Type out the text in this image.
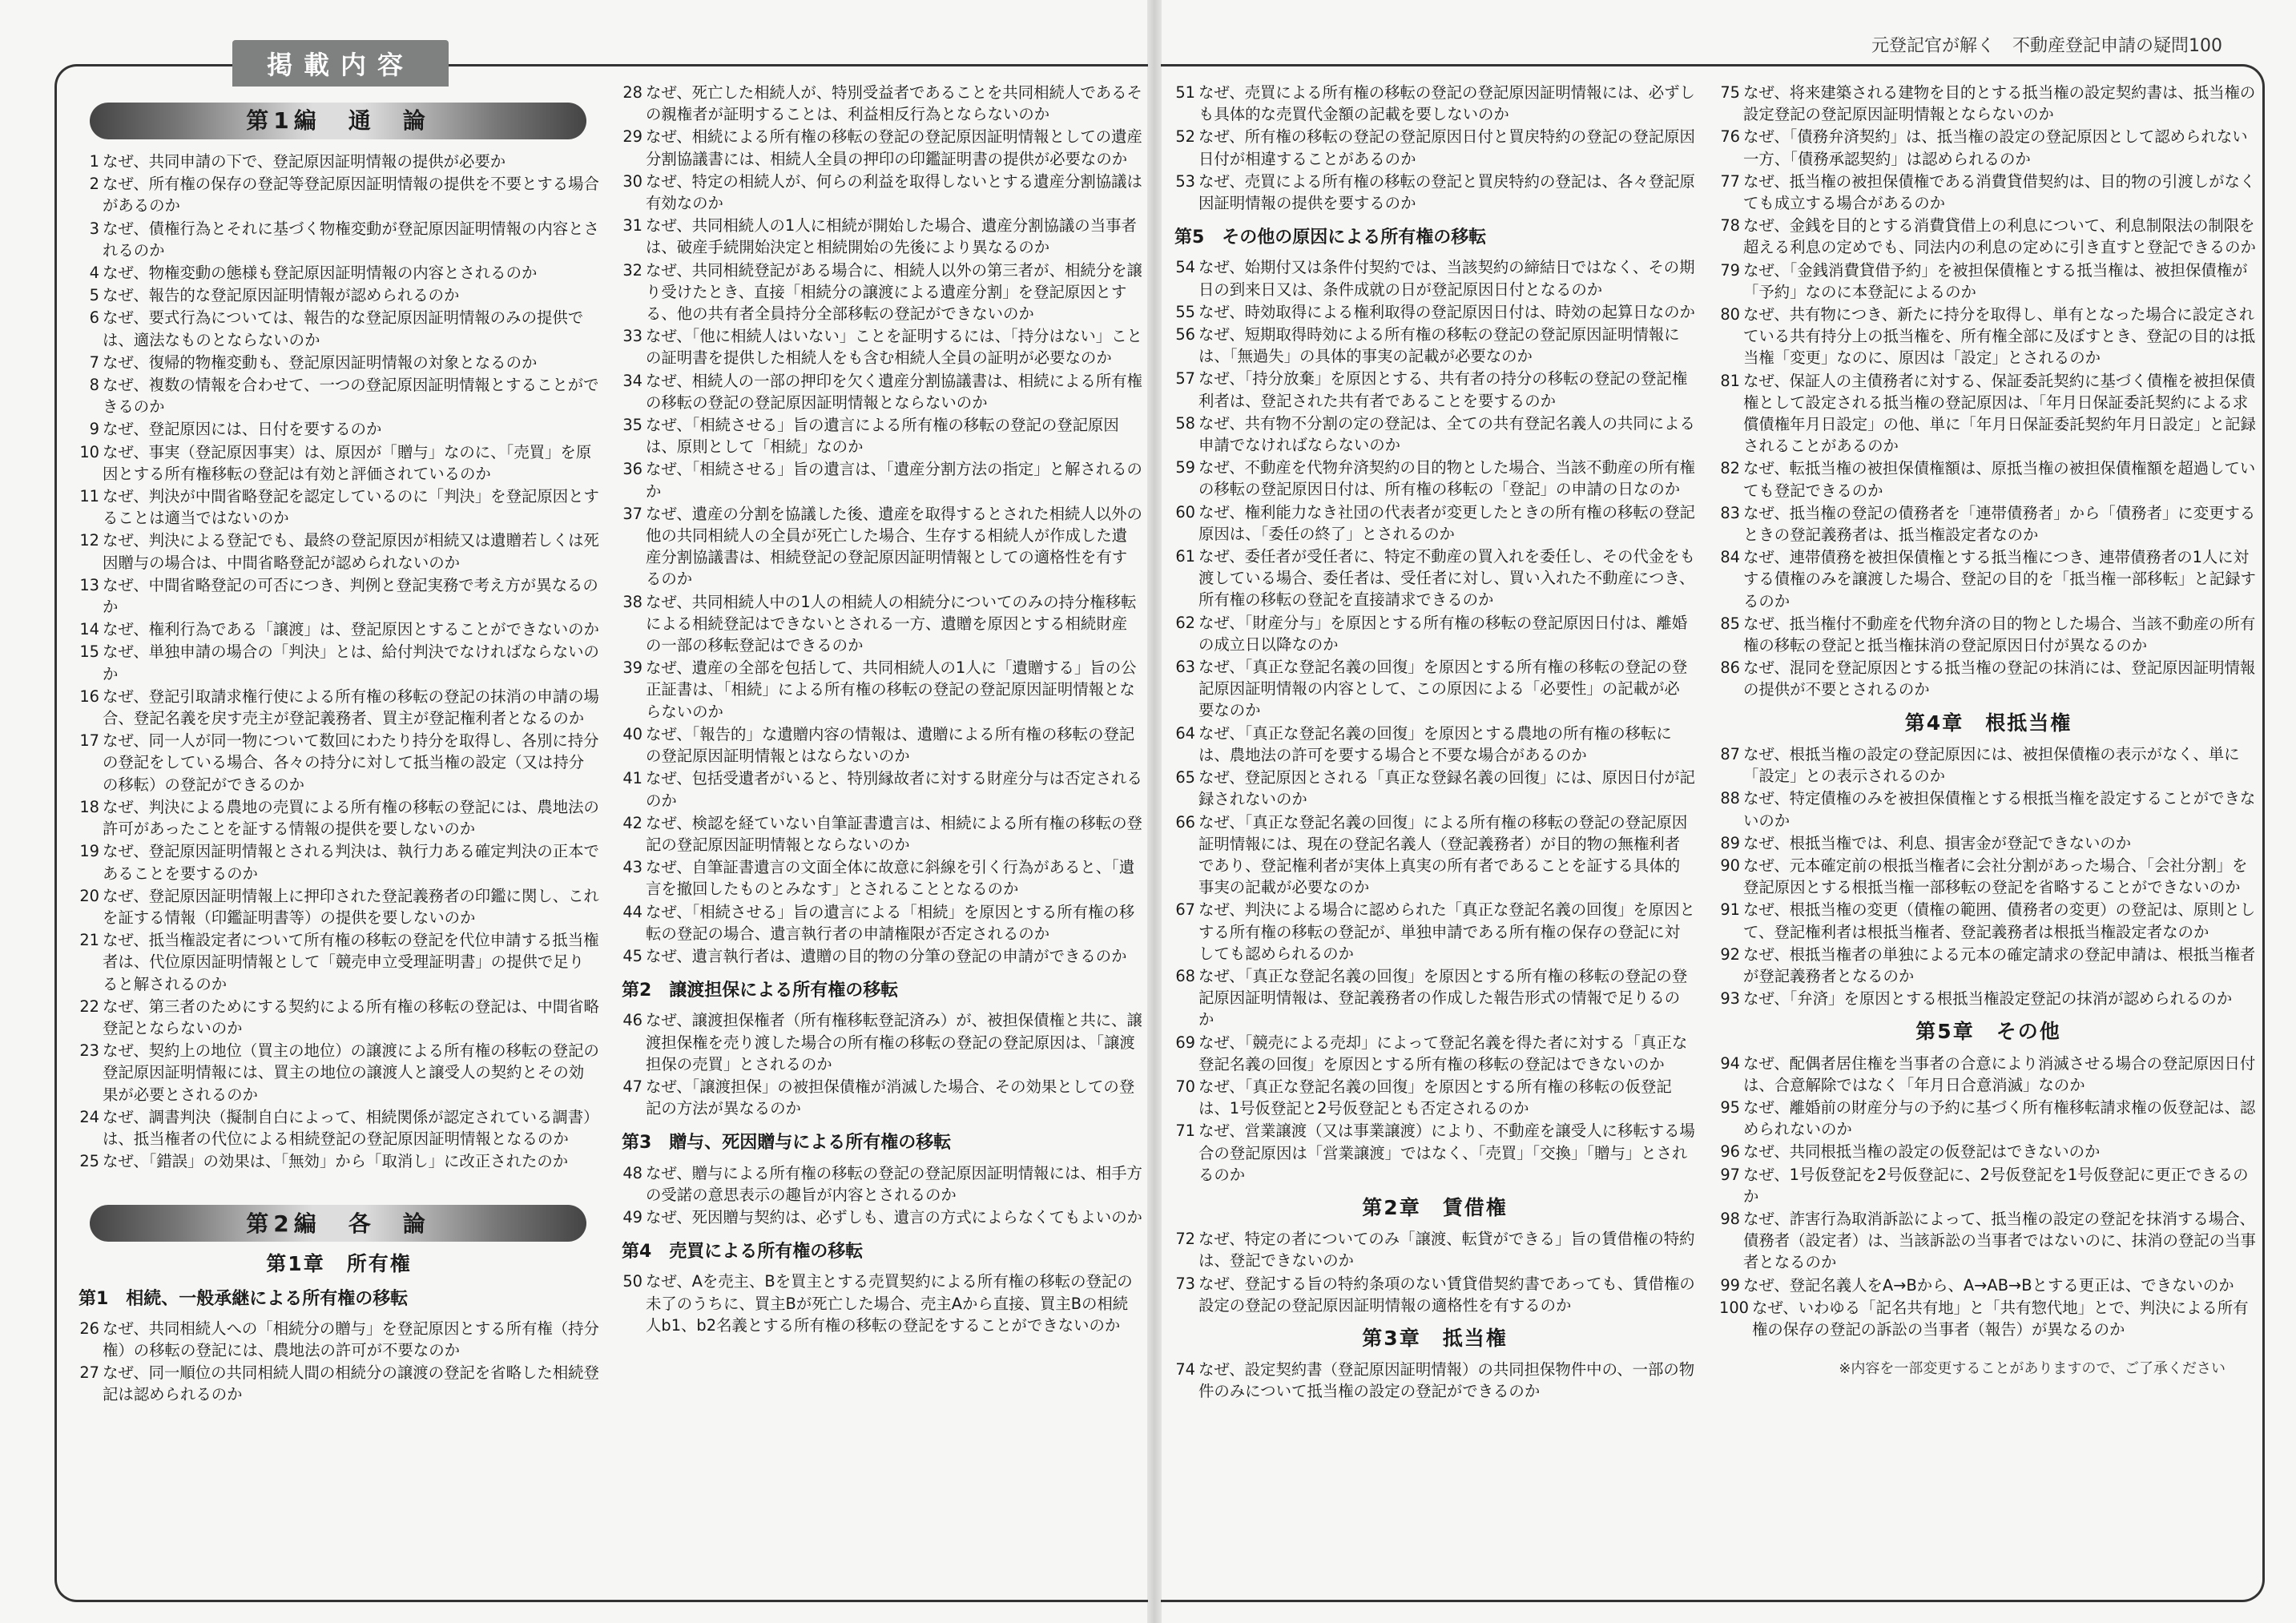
掲載内容
元登記官が解く　不動産登記申請の疑問100
第1編　通　論
1 なぜ、共同申請の下で、登記原因証明情報の提供が必要か
2 なぜ、所有権の保存の登記等登記原因証明情報の提供を不要とする場合があるのか
3 なぜ、債権行為とそれに基づく物権変動が登記原因証明情報の内容とされるのか
4 なぜ、物権変動の態様も登記原因証明情報の内容とされるのか
5 なぜ、報告的な登記原因証明情報が認められるのか
6 なぜ、要式行為については、報告的な登記原因証明情報のみの提供では、適法なものとならないのか
7 なぜ、復帰的物権変動も、登記原因証明情報の対象となるのか
8 なぜ、複数の情報を合わせて、一つの登記原因証明情報とすることができるのか
9 なぜ、登記原因には、日付を要するのか
10 なぜ、事実（登記原因事実）は、原因が「贈与」なのに、「売買」を原因とする所有権移転の登記は有効と評価されているのか
11 なぜ、判決が中間省略登記を認定しているのに「判決」を登記原因とすることは適当ではないのか
12 なぜ、判決による登記でも、最終の登記原因が相続又は遺贈若しくは死因贈与の場合は、中間省略登記が認められないのか
13 なぜ、中間省略登記の可否につき、判例と登記実務で考え方が異なるのか
14 なぜ、権利行為である「譲渡」は、登記原因とすることができないのか
15 なぜ、単独申請の場合の「判決」とは、給付判決でなければならないのか
16 なぜ、登記引取請求権行使による所有権の移転の登記の抹消の申請の場合、登記名義を戻す売主が登記義務者、買主が登記権利者となるのか
17 なぜ、同一人が同一物について数回にわたり持分を取得し、各別に持分の登記をしている場合、各々の持分に対して抵当権の設定（又は持分の移転）の登記ができるのか
18 なぜ、判決による農地の売買による所有権の移転の登記には、農地法の許可があったことを証する情報の提供を要しないのか
19 なぜ、登記原因証明情報とされる判決は、執行力ある確定判決の正本であることを要するのか
20 なぜ、登記原因証明情報上に押印された登記義務者の印鑑に関し、これを証する情報（印鑑証明書等）の提供を要しないのか
21 なぜ、抵当権設定者について所有権の移転の登記を代位申請する抵当権者は、代位原因証明情報として「競売申立受理証明書」の提供で足りると解されるのか
22 なぜ、第三者のためにする契約による所有権の移転の登記は、中間省略登記とならないのか
23 なぜ、契約上の地位（買主の地位）の譲渡による所有権の移転の登記の登記原因証明情報には、買主の地位の譲渡人と譲受人の契約とその効果が必要とされるのか
24 なぜ、調書判決（擬制自白によって、相続関係が認定されている調書）は、抵当権者の代位による相続登記の登記原因証明情報となるのか
25 なぜ、「錯誤」の効果は、「無効」から「取消し」に改正されたのか
第2編　各　論
第1章　所有権
第1　相続、一般承継による所有権の移転
26 なぜ、共同相続人への「相続分の贈与」を登記原因とする所有権（持分権）の移転の登記には、農地法の許可が不要なのか
27 なぜ、同一順位の共同相続人間の相続分の譲渡の登記を省略した相続登記は認められるのか
28 なぜ、死亡した相続人が、特別受益者であることを共同相続人であるその親権者が証明することは、利益相反行為とならないのか
29 なぜ、相続による所有権の移転の登記の登記原因証明情報としての遺産分割協議書には、相続人全員の押印の印鑑証明書の提供が必要なのか
30 なぜ、特定の相続人が、何らの利益を取得しないとする遺産分割協議は有効なのか
31 なぜ、共同相続人の1人に相続が開始した場合、遺産分割協議の当事者は、破産手続開始決定と相続開始の先後により異なるのか
32 なぜ、共同相続登記がある場合に、相続人以外の第三者が、相続分を譲り受けたとき、直接「相続分の譲渡による遺産分割」を登記原因とする、他の共有者全員持分全部移転の登記ができないのか
33 なぜ、「他に相続人はいない」ことを証明するには、「持分はない」ことの証明書を提供した相続人をも含む相続人全員の証明が必要なのか
34 なぜ、相続人の一部の押印を欠く遺産分割協議書は、相続による所有権の移転の登記の登記原因証明情報とならないのか
35 なぜ、「相続させる」旨の遺言による所有権の移転の登記の登記原因は、原則として「相続」なのか
36 なぜ、「相続させる」旨の遺言は、「遺産分割方法の指定」と解されるのか
37 なぜ、遺産の分割を協議した後、遺産を取得するとされた相続人以外の他の共同相続人の全員が死亡した場合、生存する相続人が作成した遺産分割協議書は、相続登記の登記原因証明情報としての適格性を有するのか
38 なぜ、共同相続人中の1人の相続人の相続分についてのみの持分権移転による相続登記はできないとされる一方、遺贈を原因とする相続財産の一部の移転登記はできるのか
39 なぜ、遺産の全部を包括して、共同相続人の1人に「遺贈する」旨の公正証書は、「相続」による所有権の移転の登記の登記原因証明情報とならないのか
40 なぜ、「報告的」な遺贈内容の情報は、遺贈による所有権の移転の登記の登記原因証明情報とはならないのか
41 なぜ、包括受遺者がいると、特別縁故者に対する財産分与は否定されるのか
42 なぜ、検認を経ていない自筆証書遺言は、相続による所有権の移転の登記の登記原因証明情報とならないのか
43 なぜ、自筆証書遺言の文面全体に故意に斜線を引く行為があると、「遺言を撤回したものとみなす」とされることとなるのか
44 なぜ、「相続させる」旨の遺言による「相続」を原因とする所有権の移転の登記の場合、遺言執行者の申請権限が否定されるのか
45 なぜ、遺言執行者は、遺贈の目的物の分筆の登記の申請ができるのか
第2　譲渡担保による所有権の移転
46 なぜ、譲渡担保権者（所有権移転登記済み）が、被担保債権と共に、譲渡担保権を売り渡した場合の所有権の移転の登記の登記原因は、「譲渡担保の売買」とされるのか
47 なぜ、「譲渡担保」の被担保債権が消滅した場合、その効果としての登記の方法が異なるのか
第3　贈与、死因贈与による所有権の移転
48 なぜ、贈与による所有権の移転の登記の登記原因証明情報には、相手方の受諾の意思表示の趣旨が内容とされるのか
49 なぜ、死因贈与契約は、必ずしも、遺言の方式によらなくてもよいのか
第4　売買による所有権の移転
50 なぜ、Aを売主、Bを買主とする売買契約による所有権の移転の登記の未了のうちに、買主Bが死亡した場合、売主Aから直接、買主Bの相続人b1、b2名義とする所有権の移転の登記をすることができないのか
51 なぜ、売買による所有権の移転の登記の登記原因証明情報には、必ずしも具体的な売買代金額の記載を要しないのか
52 なぜ、所有権の移転の登記の登記原因日付と買戻特約の登記の登記原因日付が相違することがあるのか
53 なぜ、売買による所有権の移転の登記と買戻特約の登記は、各々登記原因証明情報の提供を要するのか
第5　その他の原因による所有権の移転
54 なぜ、始期付又は条件付契約では、当該契約の締結日ではなく、その期日の到来日又は、条件成就の日が登記原因日付となるのか
55 なぜ、時効取得による権利取得の登記原因日付は、時効の起算日なのか
56 なぜ、短期取得時効による所有権の移転の登記の登記原因証明情報には、「無過失」の具体的事実の記載が必要なのか
57 なぜ、「持分放棄」を原因とする、共有者の持分の移転の登記の登記権利者は、登記された共有者であることを要するのか
58 なぜ、共有物不分割の定の登記は、全ての共有登記名義人の共同による申請でなければならないのか
59 なぜ、不動産を代物弁済契約の目的物とした場合、当該不動産の所有権の移転の登記原因日付は、所有権の移転の「登記」の申請の日なのか
60 なぜ、権利能力なき社団の代表者が変更したときの所有権の移転の登記原因は、「委任の終了」とされるのか
61 なぜ、委任者が受任者に、特定不動産の買入れを委任し、その代金をも渡している場合、委任者は、受任者に対し、買い入れた不動産につき、所有権の移転の登記を直接請求できるのか
62 なぜ、「財産分与」を原因とする所有権の移転の登記原因日付は、離婚の成立日以降なのか
63 なぜ、「真正な登記名義の回復」を原因とする所有権の移転の登記の登記原因証明情報の内容として、この原因による「必要性」の記載が必要なのか
64 なぜ、「真正な登記名義の回復」を原因とする農地の所有権の移転には、農地法の許可を要する場合と不要な場合があるのか
65 なぜ、登記原因とされる「真正な登録名義の回復」には、原因日付が記録されないのか
66 なぜ、「真正な登記名義の回復」による所有権の移転の登記の登記原因証明情報には、現在の登記名義人（登記義務者）が目的物の無権利者であり、登記権利者が実体上真実の所有者であることを証する具体的事実の記載が必要なのか
67 なぜ、判決による場合に認められた「真正な登記名義の回復」を原因とする所有権の移転の登記が、単独申請である所有権の保存の登記に対しても認められるのか
68 なぜ、「真正な登記名義の回復」を原因とする所有権の移転の登記の登記原因証明情報は、登記義務者の作成した報告形式の情報で足りるのか
69 なぜ、「競売による売却」によって登記名義を得た者に対する「真正な登記名義の回復」を原因とする所有権の移転の登記はできないのか
70 なぜ、「真正な登記名義の回復」を原因とする所有権の移転の仮登記は、1号仮登記と2号仮登記とも否定されるのか
71 なぜ、営業譲渡（又は事業譲渡）により、不動産を譲受人に移転する場合の登記原因は「営業譲渡」ではなく、「売買」「交換」「贈与」とされるのか
第2章　賃借権
72 なぜ、特定の者についてのみ「譲渡、転貸ができる」旨の賃借権の特約は、登記できないのか
73 なぜ、登記する旨の特約条項のない賃貸借契約書であっても、賃借権の設定の登記の登記原因証明情報の適格性を有するのか
第3章　抵当権
74 なぜ、設定契約書（登記原因証明情報）の共同担保物件中の、一部の物件のみについて抵当権の設定の登記ができるのか
75 なぜ、将来建築される建物を目的とする抵当権の設定契約書は、抵当権の設定登記の登記原因証明情報とならないのか
76 なぜ、「債務弁済契約」は、抵当権の設定の登記原因として認められない一方、「債務承認契約」は認められるのか
77 なぜ、抵当権の被担保債権である消費貸借契約は、目的物の引渡しがなくても成立する場合があるのか
78 なぜ、金銭を目的とする消費貸借上の利息について、利息制限法の制限を超える利息の定めでも、同法内の利息の定めに引き直すと登記できるのか
79 なぜ、「金銭消費貸借予約」を被担保債権とする抵当権は、被担保債権が「予約」なのに本登記によるのか
80 なぜ、共有物につき、新たに持分を取得し、単有となった場合に設定されている共有持分上の抵当権を、所有権全部に及ぼすとき、登記の目的は抵当権「変更」なのに、原因は「設定」とされるのか
81 なぜ、保証人の主債務者に対する、保証委託契約に基づく債権を被担保債権として設定される抵当権の登記原因は、「年月日保証委託契約による求償債権年月日設定」の他、単に「年月日保証委託契約年月日設定」と記録されることがあるのか
82 なぜ、転抵当権の被担保債権額は、原抵当権の被担保債権額を超過していても登記できるのか
83 なぜ、抵当権の登記の債務者を「連帯債務者」から「債務者」に変更するときの登記義務者は、抵当権設定者なのか
84 なぜ、連帯債務を被担保債権とする抵当権につき、連帯債務者の1人に対する債権のみを譲渡した場合、登記の目的を「抵当権一部移転」と記録するのか
85 なぜ、抵当権付不動産を代物弁済の目的物とした場合、当該不動産の所有権の移転の登記と抵当権抹消の登記原因日付が異なるのか
86 なぜ、混同を登記原因とする抵当権の登記の抹消には、登記原因証明情報の提供が不要とされるのか
第4章　根抵当権
87 なぜ、根抵当権の設定の登記原因には、被担保債権の表示がなく、単に「設定」との表示されるのか
88 なぜ、特定債権のみを被担保債権とする根抵当権を設定することができないのか
89 なぜ、根抵当権では、利息、損害金が登記できないのか
90 なぜ、元本確定前の根抵当権者に会社分割があった場合、「会社分割」を登記原因とする根抵当権一部移転の登記を省略することができないのか
91 なぜ、根抵当権の変更（債権の範囲、債務者の変更）の登記は、原則として、登記権利者は根抵当権者、登記義務者は根抵当権設定者なのか
92 なぜ、根抵当権者の単独による元本の確定請求の登記申請は、根抵当権者が登記義務者となるのか
93 なぜ、「弁済」を原因とする根抵当権設定登記の抹消が認められるのか
第5章　その他
94 なぜ、配偶者居住権を当事者の合意により消滅させる場合の登記原因日付は、合意解除ではなく「年月日合意消滅」なのか
95 なぜ、離婚前の財産分与の予約に基づく所有権移転請求権の仮登記は、認められないのか
96 なぜ、共同根抵当権の設定の仮登記はできないのか
97 なぜ、1号仮登記を2号仮登記に、2号仮登記を1号仮登記に更正できるのか
98 なぜ、詐害行為取消訴訟によって、抵当権の設定の登記を抹消する場合、債務者（設定者）は、当該訴訟の当事者ではないのに、抹消の登記の当事者となるのか
99 なぜ、登記名義人をA→Bから、A→AB→Bとする更正は、できないのか
100 なぜ、いわゆる「記名共有地」と「共有惣代地」とで、判決による所有権の保存の登記の訴訟の当事者（報告）が異なるのか
※内容を一部変更することがありますので、ご了承ください
